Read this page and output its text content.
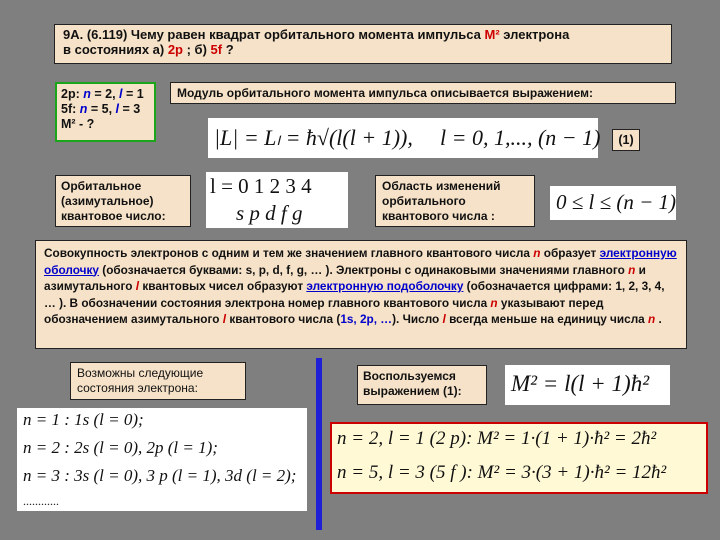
9А. (6.119) Чему равен квадрат орбитального момента импульса M² электрона
в состояниях а) 2p ; б) 5f ?
2p: n = 2, l = 1
5f: n = 5, l = 3
M² - ?
Модуль орбитального момента импульса описывается выражением:
|L| = Lₗ = ħ√(l(l + 1)), l = 0, 1,..., (n − 1)	(1)
Орбитальное (азимутальное) квантовое число:
l = 0 1 2 3 4
s p d f g
Область изменений орбитального квантового числа :
0 ≤ l ≤ (n − 1)
Совокупность электронов с одним и тем же значением главного квантового числа n образует электронную оболочку (обозначается буквами: s, p, d, f, g, … ). Электроны с одинаковыми значениями главного n и азимутального l квантовых чисел образуют электронную подоболочку (обозначается цифрами: 1, 2, 3, 4, … ). В обозначении состояния электрона номер главного квантового числа n указывают перед обозначением азимутального l квантового числа (1s, 2p, …). Число l всегда меньше на единицу числа n .
Возможны следующие состояния электрона:
n = 1 : 1s (l = 0);
n = 2 : 2s (l = 0), 2p (l = 1);
n = 3 : 3s (l = 0), 3 p (l = 1), 3d (l = 2);
............
Воспользуемся выражением (1):	M² = l(l + 1)ħ²
n = 2, l = 1 (2 p): M² = 1·(1 + 1)·ħ² = 2ħ²
n = 5, l = 3 (5 f ): M² = 3·(3 + 1)·ħ² = 12ħ²
